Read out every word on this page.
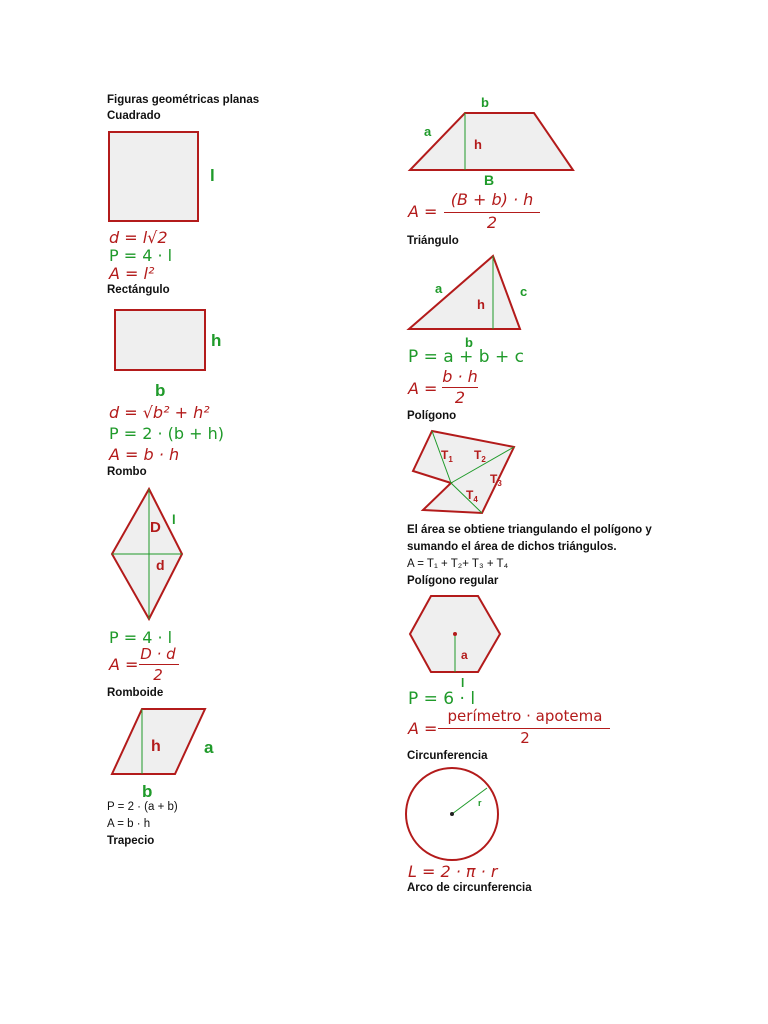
Figuras geométricas planas
Cuadrado
l
d = l√2
P = 4 · l
A = l²
Rectángulo
h
b
d = √b² + h²
P = 2 · (b + h)
A = b · h
Rombo
D
d
l
P = 4 · l
A =
D · d
2
Romboide
h	a
b
P = 2 · (a + b)
A = b · h
Trapecio
b
a
h
B
A =
(B + b) · h
2
Triángulo
a
h
c
b
P = a + b + c
A =
b · h
2
Polígono
$T_1$ $T_2$
$T_3$
$T_4$
El área se obtiene triangulando el polígono y
sumando el área de dichos triángulos.
A = T₁ + T₂+ T₃ + T₄
Polígono regular
a
l
P = 6 · l
A =
perímetro · apotema
2
Circunferencia
r
L = 2 · π · r
Arco de circunferencia
